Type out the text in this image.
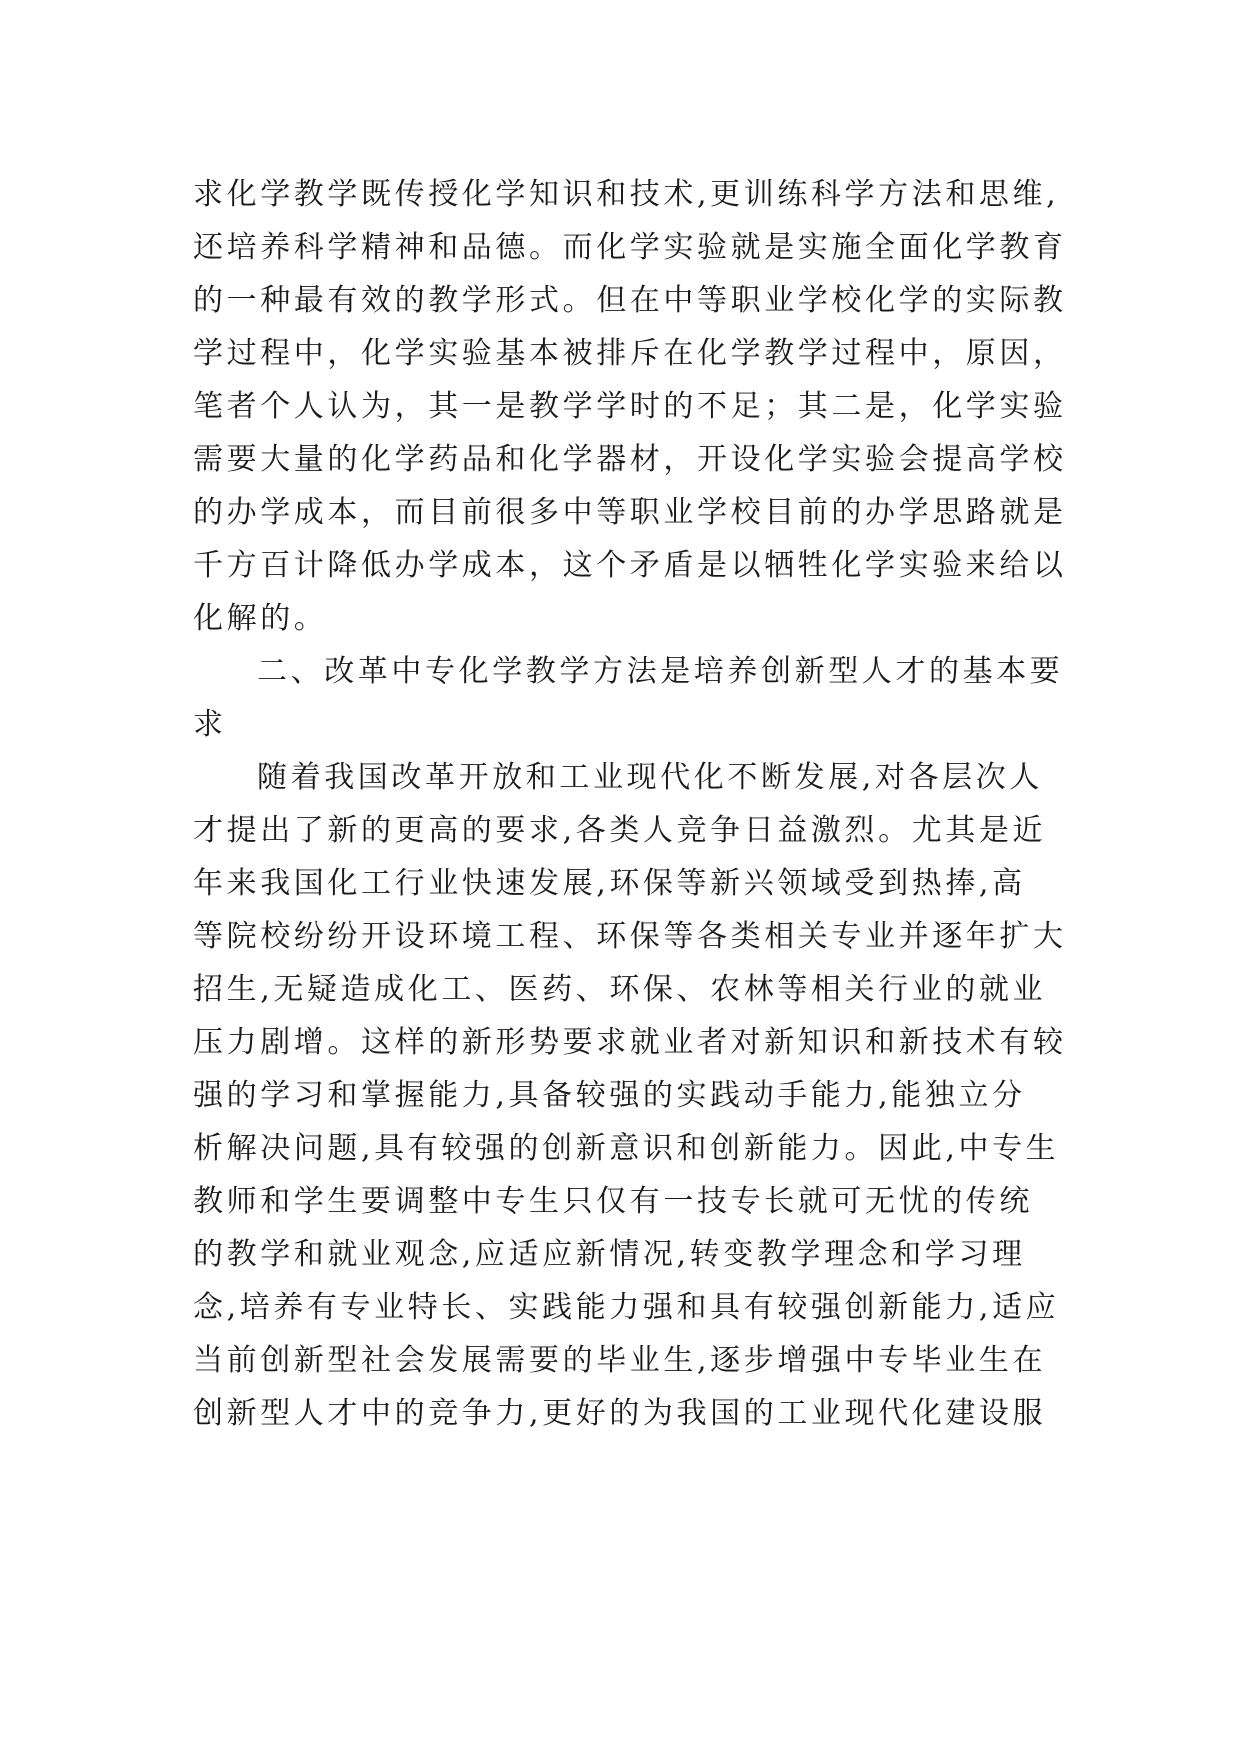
求化学教学既传授化学知识和技术,更训练科学方法和思维,
还培养科学精神和品德。而化学实验就是实施全面化学教育
的一种最有效的教学形式。但在中等职业学校化学的实际教
学过程中，化学实验基本被排斥在化学教学过程中，原因，
笔者个人认为，其一是教学学时的不足；其二是，化学实验
需要大量的化学药品和化学器材，开设化学实验会提高学校
的办学成本，而目前很多中等职业学校目前的办学思路就是
千方百计降低办学成本，这个矛盾是以牺牲化学实验来给以
化解的。
二、改革中专化学教学方法是培养创新型人才的基本要
求
随着我国改革开放和工业现代化不断发展,对各层次人
才提出了新的更高的要求,各类人竞争日益激烈。尤其是近
年来我国化工行业快速发展,环保等新兴领域受到热捧,高
等院校纷纷开设环境工程、环保等各类相关专业并逐年扩大
招生,无疑造成化工、医药、环保、农林等相关行业的就业
压力剧增。这样的新形势要求就业者对新知识和新技术有较
强的学习和掌握能力,具备较强的实践动手能力,能独立分
析解决问题,具有较强的创新意识和创新能力。因此,中专生
教师和学生要调整中专生只仅有一技专长就可无忧的传统
的教学和就业观念,应适应新情况,转变教学理念和学习理
念,培养有专业特长、实践能力强和具有较强创新能力,适应
当前创新型社会发展需要的毕业生,逐步增强中专毕业生在
创新型人才中的竞争力,更好的为我国的工业现代化建设服
